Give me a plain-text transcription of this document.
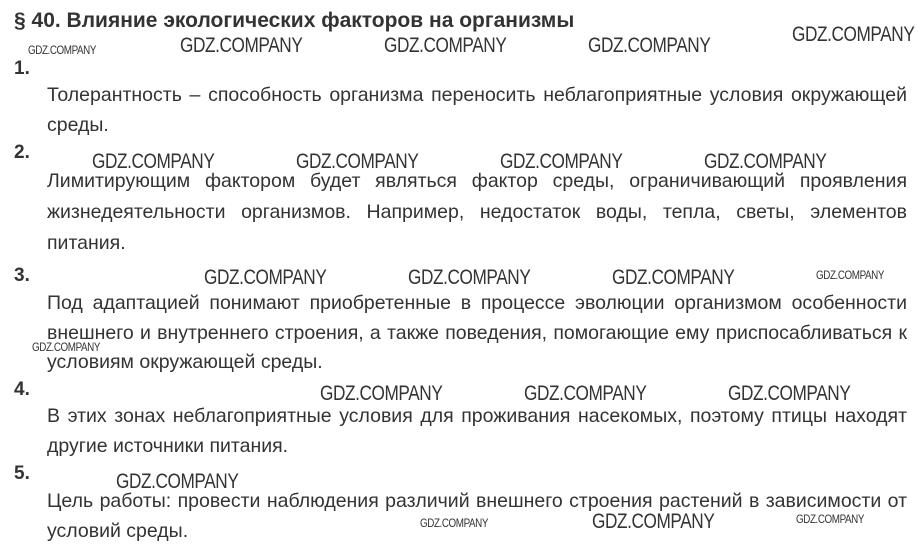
§ 40. Влияние экологических факторов на организмы
1.

Толерантность – способность организма переносить неблагоприятные условия окружающей среды.

2.

Лимитирующим фактором будет являться фактор среды, ограничивающий проявления жизнедеятельности организмов. Например, недостаток воды, тепла, светы, элементов питания.

3.

Под адаптацией понимают приобретенные в процессе эволюции организмом особенности внешнего и внутреннего строения, а также поведения, помогающие ему приспосабливаться к условиям окружающей среды.

4.

В этих зонах неблагоприятные условия для проживания насекомых, поэтому птицы находят другие источники питания.

5.

Цель работы: провести наблюдения различий внешнего строения растений в зависимости от условий среды.

GDZ.COMPANY	GDZ.COMPANY	GDZ.COMPANY	GDZ.COMPANY	GDZ.COMPANY
GDZ.COMPANY	GDZ.COMPANY	GDZ.COMPANY	GDZ.COMPANY
GDZ.COMPANY	GDZ.COMPANY	GDZ.COMPANY	GDZ.COMPANY
GDZ.COMPANY
GDZ.COMPANY	GDZ.COMPANY	GDZ.COMPANY
GDZ.COMPANY
GDZ.COMPANY	GDZ.COMPANY	GDZ.COMPANY
